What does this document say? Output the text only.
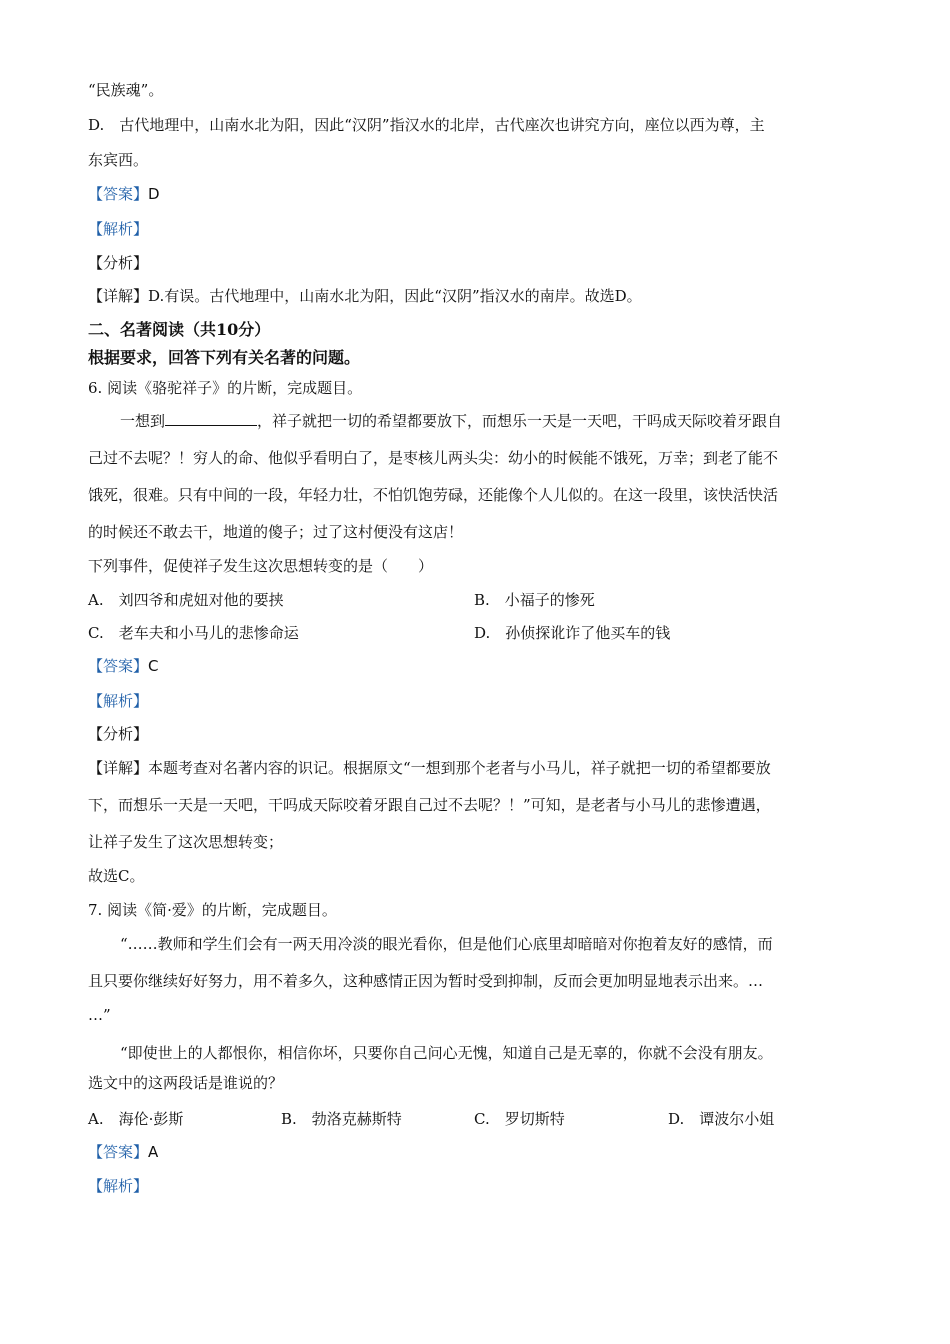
“民族魂”。
D.　古代地理中，山南水北为阳，因此“汉阴”指汉水的北岸，古代座次也讲究方向，座位以西为尊，主
东宾西。
【答案】D
【解析】
【分析】
【详解】D.有误。古代地理中，山南水北为阳，因此“汉阴”指汉水的南岸。故选D。
二、名著阅读（共10分）
根据要求，回答下列有关名著的问题。
6. 阅读《骆驼祥子》的片断，完成题目。
一想到	，祥子就把一切的希望都要放下，而想乐一天是一天吧，干吗成天际咬着牙跟自
己过不去呢？！穷人的命、他似乎看明白了，是枣核儿两头尖：幼小的时候能不饿死，万幸；到老了能不
饿死，很难。只有中间的一段，年轻力壮，不怕饥饱劳碌，还能像个人儿似的。在这一段里，该快活快活
的时候还不敢去干，地道的傻子；过了这村便没有这店！
下列事件，促使祥子发生这次思想转变的是（　　）
A.　刘四爷和虎妞对他的要挟	B.　小福子的惨死
C.　老车夫和小马儿的悲惨命运	D.　孙侦探讹诈了他买车的钱
【答案】C
【解析】
【分析】
【详解】本题考查对名著内容的识记。根据原文“一想到那个老者与小马儿，祥子就把一切的希望都要放
下，而想乐一天是一天吧，干吗成天际咬着牙跟自己过不去呢？！”可知，是老者与小马儿的悲惨遭遇，
让祥子发生了这次思想转变；
故选C。
7. 阅读《简·爱》的片断，完成题目。
“……教师和学生们会有一两天用冷淡的眼光看你，但是他们心底里却暗暗对你抱着友好的感情，而
且只要你继续好好努力，用不着多久，这种感情正因为暂时受到抑制，反而会更加明显地表示出来。…
…”
“即使世上的人都恨你，相信你坏，只要你自己问心无愧，知道自己是无辜的，你就不会没有朋友。
选文中的这两段话是谁说的？
A.　海伦·彭斯	B.　勃洛克赫斯特	C.　罗切斯特	D.　谭波尔小姐
【答案】A
【解析】
